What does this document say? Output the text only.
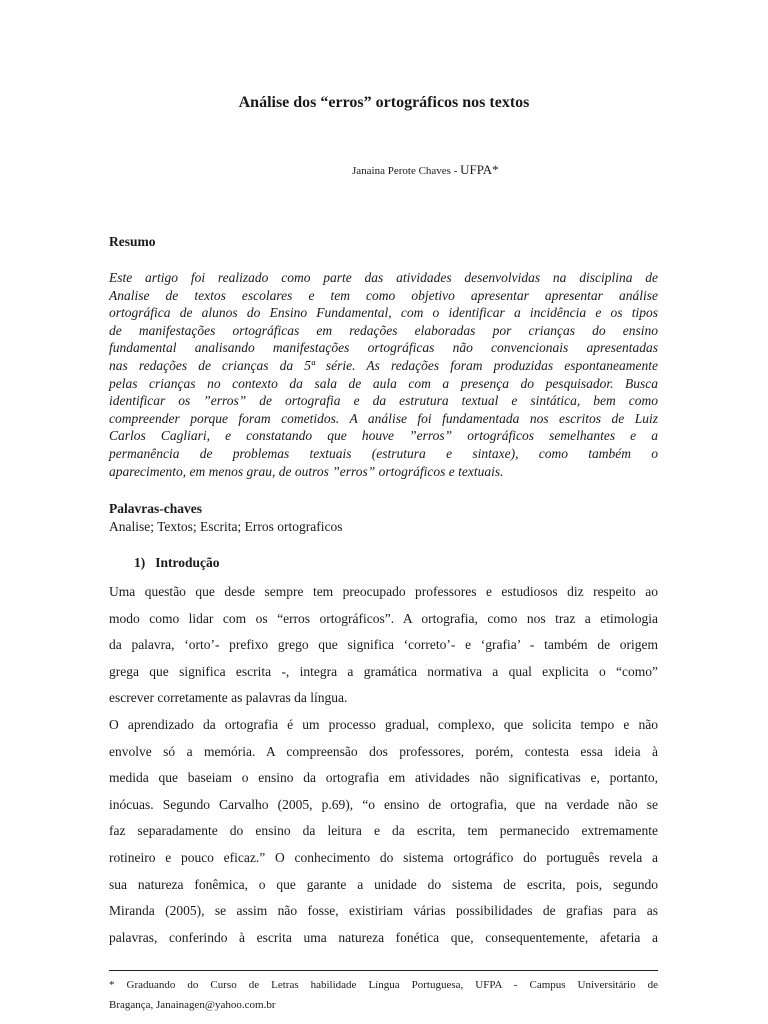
Análise dos “erros” ortográficos nos textos

Janaina Perote Chaves - UFPA*

Resumo
Este artigo foi realizado como parte das atividades desenvolvidas na disciplina de
Analise de textos escolares e tem como objetivo apresentar apresentar análise
ortográfica de alunos do Ensino Fundamental, com o identificar a incidência e os tipos
de manifestações ortográficas em redações elaboradas por crianças do ensino
fundamental analisando manifestações ortográficas não convencionais apresentadas
nas redações de crianças da 5ª série. As redações foram produzidas espontaneamente
pelas crianças no contexto da sala de aula com a presença do pesquisador. Busca
identificar os ”erros” de ortografia e da estrutura textual e sintática, bem como
compreender porque foram cometidos. A análise foi fundamentada nos escritos de Luiz
Carlos Cagliari, e constatando que houve ”erros” ortográficos semelhantes e a
permanência de problemas textuais (estrutura e sintaxe), como também o
aparecimento, em menos grau, de outros ”erros” ortográficos e textuais.
Palavras-chaves

Analise; Textos; Escrita; Erros ortograficos

1) Introdução
Uma questão que desde sempre tem preocupado professores e estudiosos diz respeito ao
modo como lidar com os “erros ortográficos”. A ortografia, como nos traz a etimologia
da palavra, ‘orto’- prefixo grego que significa ‘correto’- e ‘grafia’ - também de origem
grega que significa escrita -, integra a gramática normativa a qual explicita o “como”
escrever corretamente as palavras da língua.
O aprendizado da ortografia é um processo gradual, complexo, que solicita tempo e não
envolve só a memória. A compreensão dos professores, porém, contesta essa ideia à
medida que baseiam o ensino da ortografia em atividades não significativas e, portanto,
inócuas. Segundo Carvalho (2005, p.69), “o ensino de ortografia, que na verdade não se
faz separadamente do ensino da leitura e da escrita, tem permanecido extremamente
rotineiro e pouco eficaz.” O conhecimento do sistema ortográfico do português revela a
sua natureza fonêmica, o que garante a unidade do sistema de escrita, pois, segundo
Miranda (2005), se assim não fosse, existiriam várias possibilidades de grafias para as
palavras, conferindo à escrita uma natureza fonética que, consequentemente, afetaria a
* Graduando do Curso de Letras habilidade Língua Portuguesa, UFPA - Campus Universitário de
Bragança, Janainagen@yahoo.com.br
